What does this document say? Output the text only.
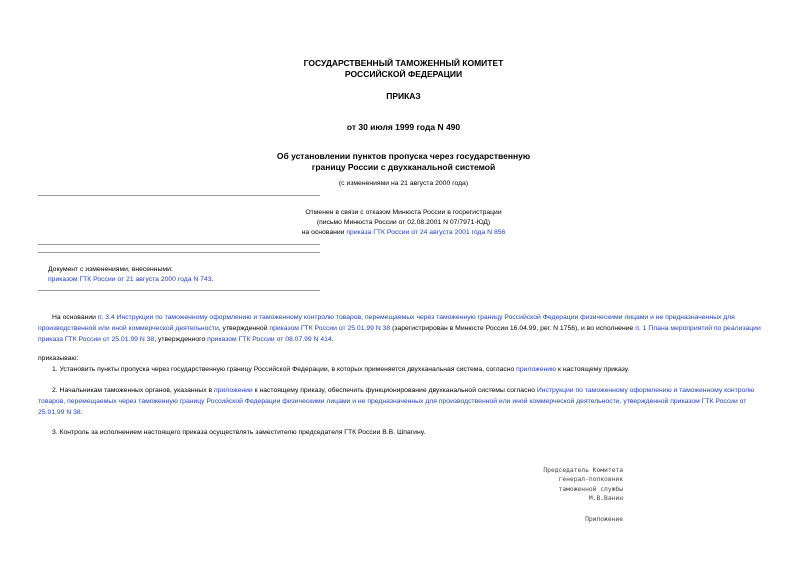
ГОСУДАРСТВЕННЫЙ ТАМОЖЕННЫЙ КОМИТЕТ
РОССИЙСКОЙ ФЕДЕРАЦИИ
ПРИКАЗ
от 30 июля 1999 года N 490
Об установлении пунктов пропуска через государственную
границу России с двухканальной системой
(с изменениями на 21 августа 2000 года)
Отменен в связи с отказом Минюста России в госрегистрации
(письмо Минюста России от 02.08.2001 N 07/7971-ЮД)
на основании приказа ГТК России от 24 августа 2001 года N 856
Документ с изменениями, внесенными:
приказом ГТК России от 21 августа 2000 года N 743.
На основании п. 3.4 Инструкции по таможенному оформлению и таможенному контролю товаров, перемещаемых через таможенную границу Российской Федерации физическими лицами и не предназначенных для производственной или иной коммерческой деятельности, утвержденной приказом ГТК России от 25.01.99 N 38 (зарегистрирован в Минюсте России 16.04.99, рег. N 1756), и во исполнение п. 1 Плана мероприятий по реализации приказа ГТК России от 25.01.99 N 38, утвержденного приказом ГТК России от 08.07.99 N 414.
приказываю:
1. Установить пункты пропуска через государственную границу Российской Федерации, в которых применяется двухканальная система, согласно приложению к настоящему приказу.
2. Начальникам таможенных органов, указанных в приложении к настоящему приказу, обеспечить функционирование двухканальной системы согласно Инструкции по таможенному оформлению и таможенному контролю товаров, перемещаемых через таможенную границу Российской Федерации физическими лицами и не предназначенных для производственной или иной коммерческой деятельности, утвержденной приказом ГТК России от 25.01.99 N 38.
3. Контроль за исполнением настоящего приказа осуществлять заместителю председателя ГТК России В.В. Шпагину.
Председатель Комитета
генерал-полковник
таможенной службы
М.В.Ванин
Приложение
